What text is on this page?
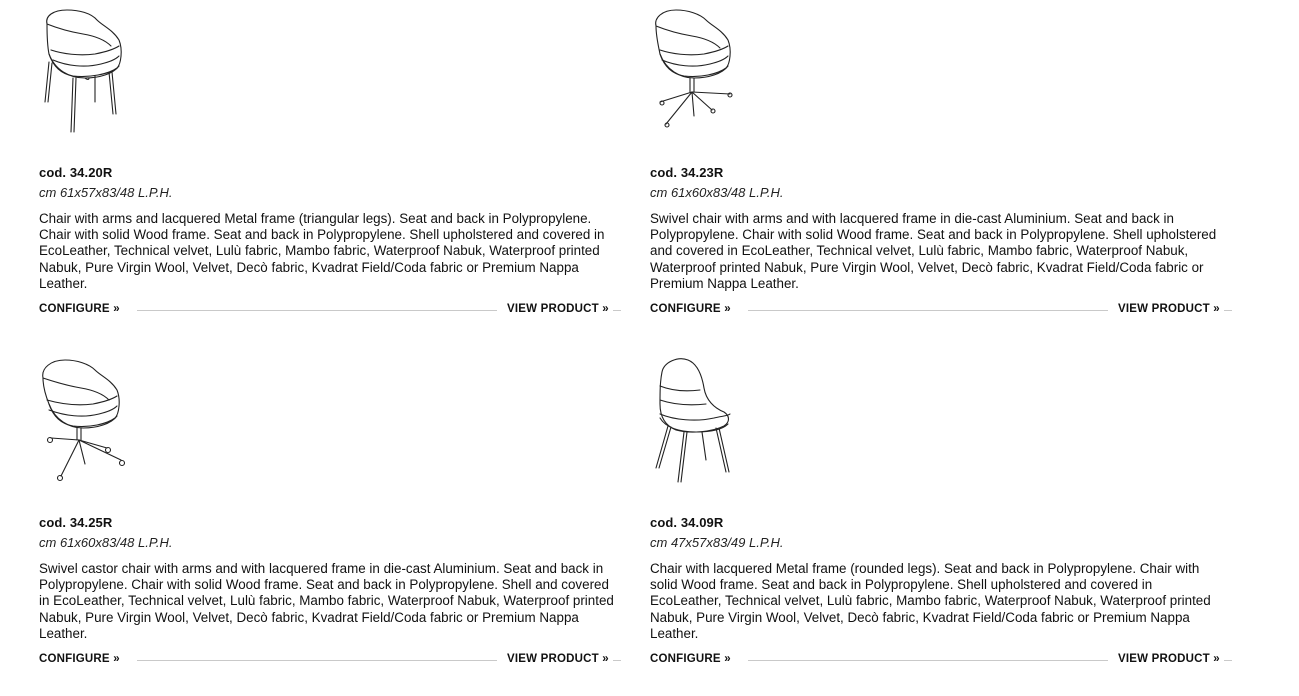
cod. 34.20R
cm 61x57x83/48 L.P.H.
Chair with arms and lacquered Metal frame (triangular legs). Seat and back in Polypropylene. Chair with solid Wood frame. Seat and back in Polypropylene. Shell upholstered and covered in EcoLeather, Technical velvet, Lulù fabric, Mambo fabric, Waterproof Nabuk, Waterproof printed Nabuk, Pure Virgin Wool, Velvet, Decò fabric, Kvadrat Field/Coda fabric or Premium Nappa Leather.
CONFIGURE »	VIEW PRODUCT »
cod. 34.23R
cm 61x60x83/48 L.P.H.
Swivel chair with arms and with lacquered frame in die-cast Aluminium. Seat and back in Polypropylene. Chair with solid Wood frame. Seat and back in Polypropylene. Shell upholstered and covered in EcoLeather, Technical velvet, Lulù fabric, Mambo fabric, Waterproof Nabuk, Waterproof printed Nabuk, Pure Virgin Wool, Velvet, Decò fabric, Kvadrat Field/Coda fabric or Premium Nappa Leather.
CONFIGURE »	VIEW PRODUCT »
cod. 34.25R
cm 61x60x83/48 L.P.H.
Swivel castor chair with arms and with lacquered frame in die-cast Aluminium. Seat and back in Polypropylene. Chair with solid Wood frame. Seat and back in Polypropylene. Shell and covered in EcoLeather, Technical velvet, Lulù fabric, Mambo fabric, Waterproof Nabuk, Waterproof printed Nabuk, Pure Virgin Wool, Velvet, Decò fabric, Kvadrat Field/Coda fabric or Premium Nappa Leather.
CONFIGURE »	VIEW PRODUCT »
cod. 34.09R
cm 47x57x83/49 L.P.H.
Chair with lacquered Metal frame (rounded legs). Seat and back in Polypropylene. Chair with solid Wood frame. Seat and back in Polypropylene. Shell upholstered and covered in EcoLeather, Technical velvet, Lulù fabric, Mambo fabric, Waterproof Nabuk, Waterproof printed Nabuk, Pure Virgin Wool, Velvet, Decò fabric, Kvadrat Field/Coda fabric or Premium Nappa Leather.
CONFIGURE »	VIEW PRODUCT »
